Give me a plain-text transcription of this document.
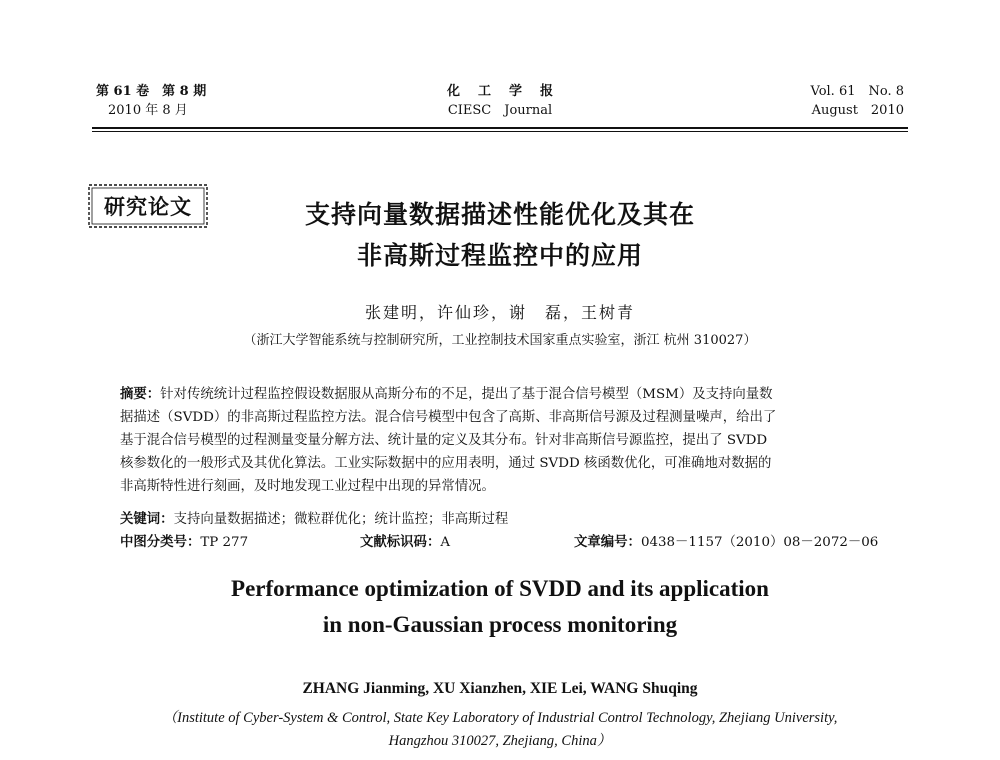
第 61 卷　第 8 期
2010 年 8 月
化工学报
CIESC　Journal
Vol. 61　No. 8
August　2010
研究论文	支持向量数据描述性能优化及其在
非高斯过程监控中的应用
张建明，许仙珍，谢　磊，王树青
（浙江大学智能系统与控制研究所，工业控制技术国家重点实验室，浙江 杭州 310027）
摘要：针对传统统计过程监控假设数据服从高斯分布的不足，提出了基于混合信号模型（MSM）及支持向量数
据描述（SVDD）的非高斯过程监控方法。混合信号模型中包含了高斯、非高斯信号源及过程测量噪声，给出了
基于混合信号模型的过程测量变量分解方法、统计量的定义及其分布。针对非高斯信号源监控，提出了 SVDD
核参数化的一般形式及其优化算法。工业实际数据中的应用表明，通过 SVDD 核函数优化，可准确地对数据的
非高斯特性进行刻画，及时地发现工业过程中出现的异常情况。
关键词：支持向量数据描述；微粒群优化；统计监控；非高斯过程
中图分类号：TP 277	文献标识码：A	文章编号：0438－1157（2010）08－2072－06
Performance optimization of SVDD and its application
in non-Gaussian process monitoring
ZHANG Jianming, XU Xianzhen, XIE Lei, WANG Shuqing
（Institute of Cyber-System & Control, State Key Laboratory of Industrial Control Technology, Zhejiang University,
Hangzhou 310027, Zhejiang, China）
